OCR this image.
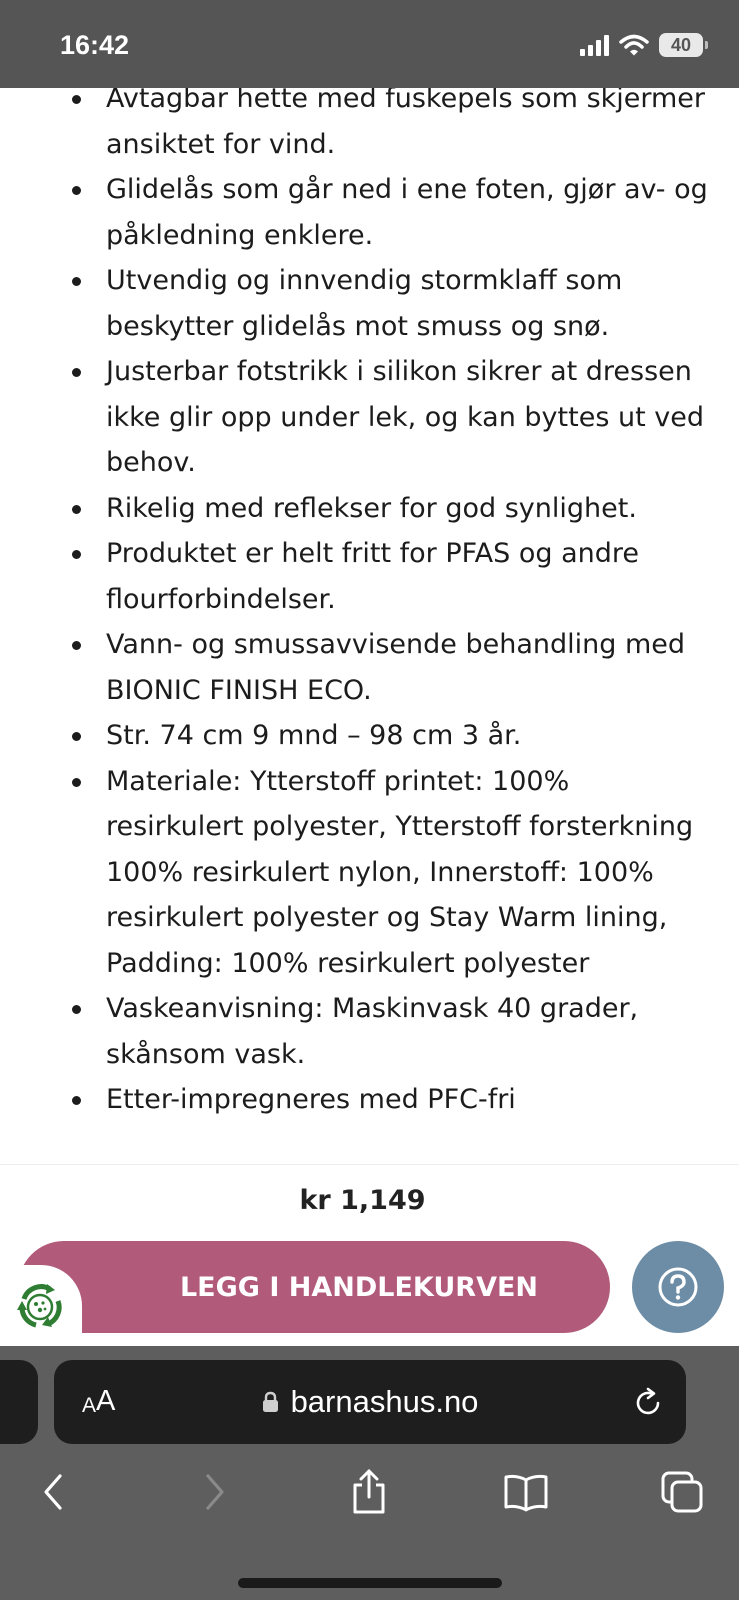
16:42	40
Avtagbar hette med fuskepels som skjermer ansiktet for vind.
Glidelås som går ned i ene foten, gjør av- og påkledning enklere.
Utvendig og innvendig stormklaff som beskytter glidelås mot smuss og snø.
Justerbar fotstrikk i silikon sikrer at dressen ikke glir opp under lek, og kan byttes ut ved behov.
Rikelig med reflekser for god synlighet.
Produktet er helt fritt for PFAS og andre flourforbindelser.
Vann- og smussavvisende behandling med BIONIC FINISH ECO.
Str. 74 cm 9 mnd – 98 cm 3 år.
Materiale: Ytterstoff printet: 100% resirkulert polyester, Ytterstoff forsterkning 100% resirkulert nylon, Innerstoff: 100% resirkulert polyester og Stay Warm lining, Padding: 100% resirkulert polyester
Vaskeanvisning: Maskinvask 40 grader, skånsom vask.
Etter-impregneres med PFC-fri
kr 1,149
LEGG I HANDLEKURVEN
A A	barnashus.no
